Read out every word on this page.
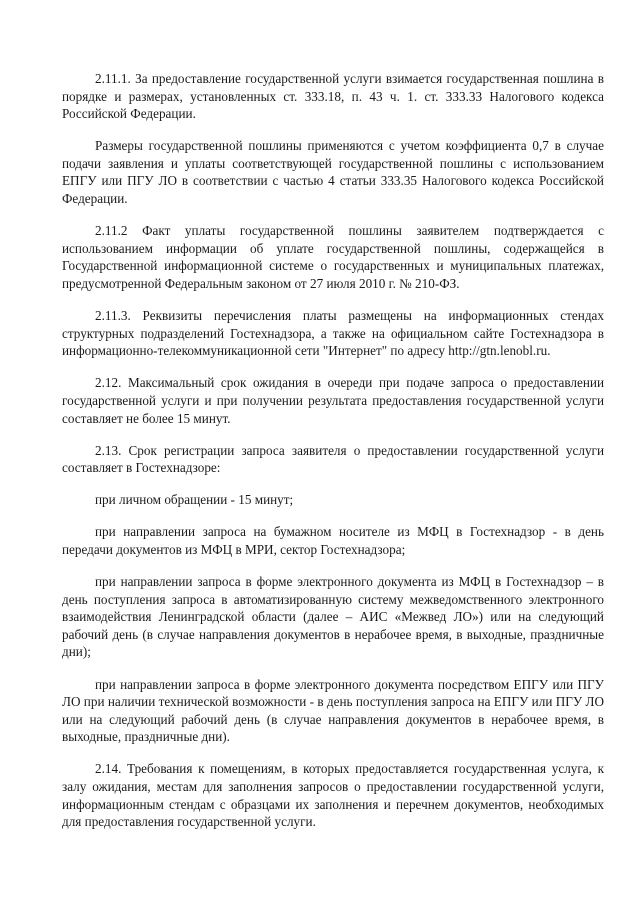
2.11.1. За предоставление государственной услуги взимается государственная пошлина в порядке и размерах, установленных ст. 333.18, п. 43 ч. 1. ст. 333.33 Налогового кодекса Российской Федерации.

Размеры государственной пошлины применяются с учетом коэффициента 0,7 в случае подачи заявления и уплаты соответствующей государственной пошлины с использованием ЕПГУ или ПГУ ЛО в соответствии с частью 4 статьи 333.35 Налогового кодекса Российской Федерации.

2.11.2 Факт уплаты государственной пошлины заявителем подтверждается с использованием информации об уплате государственной пошлины, содержащейся в Государственной информационной системе о государственных и муниципальных платежах, предусмотренной Федеральным законом от 27 июля 2010 г. № 210-ФЗ.

2.11.3. Реквизиты перечисления платы размещены на информационных стендах структурных подразделений Гостехнадзора, а также на официальном сайте Гостехнадзора в информационно-телекоммуникационной сети "Интернет" по адресу http://gtn.lenobl.ru.

2.12. Максимальный срок ожидания в очереди при подаче запроса о предоставлении государственной услуги и при получении результата предоставления государственной услуги составляет не более 15 минут.

2.13. Срок регистрации запроса заявителя о предоставлении государственной услуги составляет в Гостехнадзоре:

при личном обращении - 15 минут;

при направлении запроса на бумажном носителе из МФЦ в Гостехнадзор - в день передачи документов из МФЦ в МРИ, сектор Гостехнадзора;

при направлении запроса в форме электронного документа из МФЦ в Гостехнадзор – в день поступления запроса в автоматизированную систему межведомственного электронного взаимодействия Ленинградской области (далее – АИС «Межвед ЛО») или на следующий рабочий день (в случае направления документов в нерабочее время, в выходные, праздничные дни);

при направлении запроса в форме электронного документа посредством ЕПГУ или ПГУ ЛО при наличии технической возможности - в день поступления запроса на ЕПГУ или ПГУ ЛО или на следующий рабочий день (в случае направления документов в нерабочее время, в выходные, праздничные дни).

2.14. Требования к помещениям, в которых предоставляется государственная услуга, к залу ожидания, местам для заполнения запросов о предоставлении государственной услуги, информационным стендам с образцами их заполнения и перечнем документов, необходимых для предоставления государственной услуги.
